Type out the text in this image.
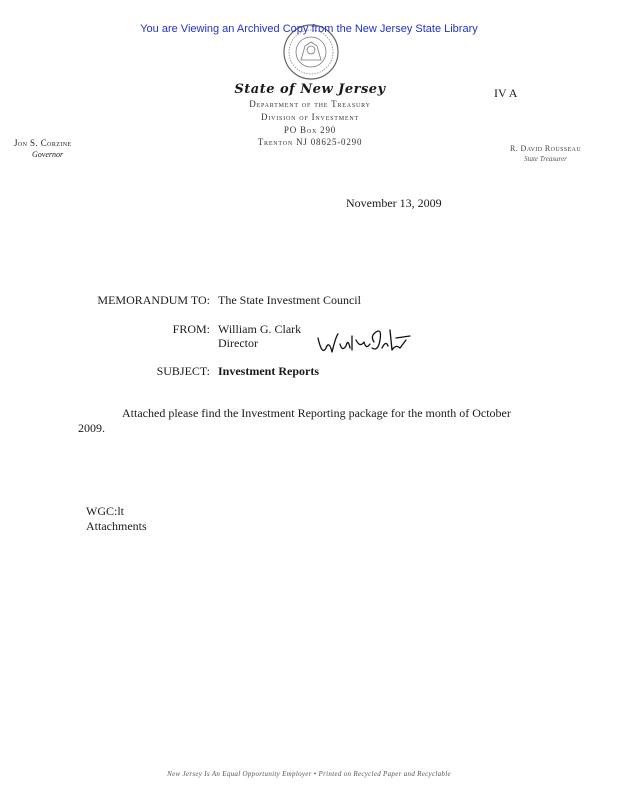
You are Viewing an Archived Copy from the New Jersey State Library
State of New Jersey
Department of the Treasury
Division of Investment
PO Box 290
Trenton NJ 08625-0290
IV A
Jon S. Corzine
Governor
R. David Rousseau
State Treasurer
November 13, 2009
MEMORANDUM TO: The State Investment Council
FROM: William G. Clark
Director
SUBJECT: Investment Reports
Attached please find the Investment Reporting package for the month of October
2009.
WGC:lt
Attachments
New Jersey Is An Equal Opportunity Employer • Printed on Recycled Paper and Recyclable
